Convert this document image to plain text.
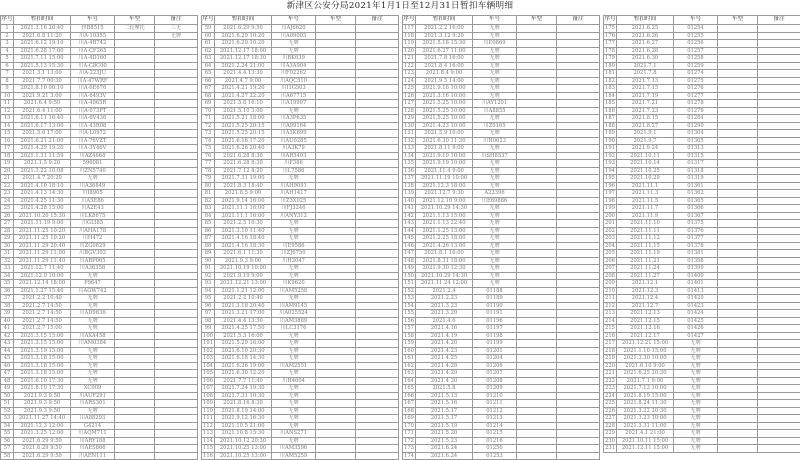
新津区公安分局2021年1月1日至12月31日暂扣车辆明细
序号	暂扣时间	车号	车型	备注
1	2021.3.16 20:40	轻B8515	二轮摩托	三无
2	2021.6.8 11:20	川A·10355		无牌
3	2021.6.12 19:10	川A·4B742		
4	2021.6.28 17:00	川A·CF265		
5	2021.7.11 15:00	川A·4D160		
6	2021.5.13 15:30	川A·C8C00		
7	2021.3.1 13:00	川A·223JU		
8	2021.7.7 00:30	川A·47WRF		
9	2021.8.10 00:10	川A·6E676		
10	2021.9.21 3:00	川A·6493V		
11	2021.6.4 9:50	川A·4065R		
12	2021.6.4 11:00	川A·073PT		
13	2021.6.11 16:40	川A·6V436		
14	2021.6.17 13:00	川A·43R08		
15	2021.5.6 17:00	川A·L0972		
16	2021.6.21 21:00	川A·76VZT		
17	2021.4.29 19:20	川A·3Y46V		
18	2021.1.31 11:59	川AZ4668		
19	2021.1.5 9:20	596081		
20	2021.3.22 10:08	川ZN5740		
21	2021.4.7 20:20	无牌		
22	2021.4.10 18:10	川A36849		
23	2021.4.13 14:30	川I8905		
24	2021.4.25 11:30	川A5E86		
25	2021.4.28 15:00	川A2E43		
26	2021.10.20 15:30	川LK8675		
27	2021.11.19 9:00	川GI385		
28	2021.11.25 10:20	川AHA178		
29	2021.11.25 10:20	川H472		
30	2021.11.29 20:40	川ZG0829		
31	2021.11.29 11:00	川BGV303		
32	2021.11.29 11:40	川ABP065		
33	2021.12.7 11:40	川A36358		
34	2021.12.9 10:00	无牌		
35	2021.12.14 18:00	P9647		
36	2021.1.27 15:40	川AGW742		
37	2021.2.2 10:40	无牌		
38	2021.2.7 14:50	无牌		
39	2021.2.7 14:50	川AD9636		
40	2021.2.7 14:50	无牌		
41	2021.2.7 15:00	无牌		
42	2021.3.15 15:00	川AXA458		
43	2021.3.15 15:00	川AM0384		
44	2021.3.19 15:00	无牌		
45	2021.3.18 15:00	无牌		
46	2021.3.18 15:00	无牌		
47	2021.3.18 15:00	无牌		
48	2021.6.10 17:30	无牌		
49	2021.8.10 17:30	XC009		
50	2021.9.3 9:50	川AUF291		
51	2021.9.3 9:50	川ARS301		
52	2021.9.3 9:50	无牌		
53	2021.11.27 14:40	川A88293		
54	2021.12.3 12:00	G4214		
55	2021.3.25 12:00	川AQM711		
56	2021.6.29 9:50	川ARY188		
57	2021.6.29 9:50	川AES866		
58	2021.6.29 9:50	川AEN111		
序号	暂扣时间	车号	车型	备注
59	2021.6.29 9:50	川AJ6620		
60	2021.6.29 10:20	川A09003		
61	2021.6.29 10:20	无牌		
62	2021.12.17 18:00	无牌		
63	2021.12.17 18:30	川BK639		
64	2021.2.24 21:00	川A3A904		
65	2021.4.4 13:30	川F92262		
66	2021.4.7 9:00	川AQC510		
67	2021.4.21 19:20	川I1G503		
68	2021.4.27 22:20	川A67715		
69	2021.5.8 16:10	川A19997		
70	2021.5.10 3:00	无牌		
71	2021.5.21 18:00	川A3P635		
72	2021.5.25 20:15	川A99164		
73	2021.5.25 20:15	川A3K699		
74	2021.6.16 17:20	川AU0285		
75	2021.6.26 20:40	川A3K79		
76	2021.6.28 8:30	川AR5403		
77	2021.6.28 8:30	川F386		
78	2021.7.12 8:20	川L7586		
79	2021.7.31 19:00	无牌		
80	2021.8.3 18:40	川AH9091		
81	2021.8.5 9:00	川AH1417		
82	2021.9.14 16:00	川Z3X025		
83	2021.11.1 16:00	川FJ3246		
84	2021.11.1 16:00	川ANY312		
85	2021.2.5 10:30	无牌		
86	2021.3.10 11:40	无牌		
87	2021.4.16 18:40	无牌		
88	2021.4.16 18:30	川E9586		
89	2021.6.1 11:30	川ZJ6750		
90	2021.9.3 9:00	川H2047		
91	2021.10.19 10:00	无牌		
92	2021.9.19 9:00	无牌		
93	2021.12.21 13:00	川K9620		
94	2021.1.21 12:00	川AM5258		
95	2021.2.2 10:40	无牌		
96	2021.3.18 20:40	川AM9145		
97	2021.3.21 17:00	川A025524		
98	2021.4.4 13:30	川AM3889		
99	2021.4.25 17:50	川LC3176		
100	2021.5.3 16:00	无牌		
101	2021.5.29 16:00	无牌		
102	2021.6.10 20:30	无牌		
103	2021.6.18 14:30	无牌		
104	2021.6.26 19:00	川AM2551		
105	2021.6.30 12:20	无牌		
106	2021.7.7 11:40	川H4604		
107	2021.7.24 19:30	无牌		
108	2021.7.31 10:30	无牌		
109	2021.8.16 8:30	无牌		
110	2021.8.19 14:00	无牌		
111	2021.9.12 16:30	无牌		
112	2021.10.5 21:00	无牌		
113	2021.10.8 15:30	川ANS271		
114	2021.10.12 20:30	无牌		
115	2021.10.25 13:00	川AM3596		
116	2021.10.25 13:00	川AM5259		
序号	暂扣时间	车号	车型	备注
117	2021.2.2 16:00	无牌		
118	2021.3.12 9:20	无牌		
119	2021.5.18 15:30	川E0869		
120	2021.6.27 11:00	无牌		
121	2021.7.8 16:00	无牌		
122	2021.8.4 16:00	无牌		
123	2021.8.4 9:00	无牌		
124	2021.9.5 14:00	无牌		
125	2021.9.16 10:00	无牌		
126	2021.3.16 10:00	无牌		
127	2021.5.25 10:00	川AY1201		
128	2021.5.25 10:00	川A8855		
129	2021.5.25 10:00	无牌		
130	2021.4.23 10:00	川Z0165		
131	2021.5.9 10:00	无牌		
132	2021.6.30 11:30	川H0623		
133	2021.8.11 9:00	无牌		
134	2021.9.19 10:00	川SH8537		
135	2021.9.19 10:00	无牌		
136	2021.11.4 9:00	无牌		
137	2021.11.19 10:00	无牌		
138	2021.12.3 18:00	无牌		
139	2021.12.7 9:30	A22396		
140	2021.12.10 9:00	川E69886		
141	2021.10.29 14:30	无牌		
142	2021.1.13 15:00	无牌		
143	2021.1.13 22:40	无牌		
144	2021.1.25 13:00	无牌		
145	2021.2.25 18:00	无牌		
146	2021.4.26 13:00	无牌		
147	2021.8.1 16:00	无牌		
148	2021.8.31 18:00	无牌		
149	2021.9.30 12:30	无牌		
150	2021.10.29 14:30	无牌		
151	2021.11.24 12:00	无牌		
152	2021.2.4	01188		
153	2021.2.23	01189		
154	2021.3.23	01190		
155	2021.3.29	01191		
156	2021.4.6	01196		
157	2021.4.16	01197		
158	2021.4.19	01198		
159	2021.4.20	01199		
160	2021.4.23	01201		
161	2021.4.25	01204		
162	2021.4.28	01206		
163	2021.4.29	01207		
164	2021.4.30	01208		
165	2021.5.8	01209		
166	2021.5.13	01210		
167	2021.5.16	01211		
168	2021.5.17	01212		
169	2021.5.17	01213		
170	2021.5.19	01214		
171	2021.5.20	01215		
172	2021.5.23	01216		
173	2021.6.24	01250		
174	2021.6.24	01253		
序号	暂扣时间	车号	车型	备注
175	2021.6.25	01254		
176	2021.6.26	01255		
177	2021.6.27	01256		
178	2021.6.28	01257		
179	2021.6.30	01258		
180	2021.7.1	01259		
181	2021.7.8	01274		
182	2021.7.13	01275		
183	2021.7.15	01276		
184	2021.7.19	01277		
185	2021.7.21	01278		
186	2021.7.23	01279		
187	2021.8.15	01284		
188	2021.8.27	01290		
189	2021.9.1	01304		
190	2021.9.7	01305		
191	2021.9.24	01313		
192	2021.10.11	01315		
193	2021.10.14	01317		
194	2021.10.25	01318		
195	2021.10.29	01319		
196	2021.11.1	01361		
197	2021.11.3	01362		
198	2021.11.5	01365		
199	2021.11.7	01366		
200	2021.11.9	01367		
201	2021.11.10	01375		
202	2021.11.11	01376		
203	2021.11.12	01377		
204	2021.11.15	01378		
205	2021.11.19	01381		
206	2021.11.21	01398		
207	2021.11.24	01399		
208	2021.11.27	01400		
209	2021.12.1	01401		
210	2021.12.3	01413		
211	2021.12.4	01420		
212	2021.12.7	01423		
213	2021.12.13	01424		
214	2021.12.15	01425		
215	2021.12.16	01426		
216	2021.12.17	01427		
217	2021.12.21 15:00	无牌		
218	2021.1.10 15:00	无牌		
219	2021.3.30 10:00	无牌		
220	2021.6.10 9:00	无牌		
221	2021.6.25 20:30	无牌		
222	2021.7.1 9:00	无牌		
223	2021.7.13 10:00	无牌		
224	2021.8.19 15:00	无牌		
225	2021.8.24 11:30	无牌		
226	2021.3.22 20:30	无牌		
227	2021.3.23 10:00	无牌		
228	2021.3.31 11:00	无牌		
229	2021.4.1 21:00	无牌		
230	2021.10.11 15:00	无牌		
231	2021.12.11 15:00	无牌		
